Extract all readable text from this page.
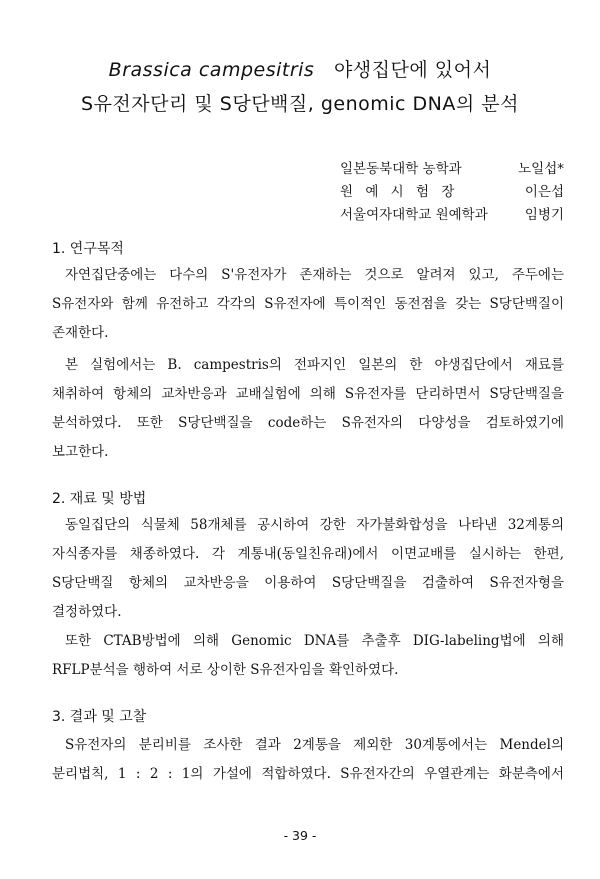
Brassica campesitris 야생집단에 있어서
S유전자단리 및 S당단백질, genomic DNA의 분석
일본동북대학 농학과	노일섭*
원 예 시 험 장	이은섭
서울여자대학교 원예학과	임병기
1. 연구목적
자연집단중에는 다수의 S'유전자가 존재하는 것으로 알려져 있고, 주두에는
S유전자와 함께 유전하고 각각의 S유전자에 특이적인 동전점을 갖는 S당단백질이
존재한다.
본 실험에서는 B. campestris의 전파지인 일본의 한 야생집단에서 재료를
채취하여 항체의 교차반응과 교배실험에 의해 S유전자를 단리하면서 S당단백질을
분석하였다. 또한 S당단백질을 code하는 S유전자의 다양성을 검토하였기에
보고한다.
2. 재료 및 방법
동일집단의 식물체 58개체를 공시하여 강한 자가불화합성을 나타낸 32계통의
자식종자를 채종하였다. 각 계통내(동일친유래)에서 이면교배를 실시하는 한편,
S당단백질 항체의 교차반응을 이용하여 S당단백질을 검출하여 S유전자형을
결정하였다.
또한 CTAB방법에 의해 Genomic DNA를 추출후 DIG-labeling법에 의해
RFLP분석을 행하여 서로 상이한 S유전자임을 확인하였다.
3. 결과 및 고찰
S유전자의 분리비를 조사한 결과 2계통을 제외한 30계통에서는 Mendel의
분리법칙, 1 : 2 : 1의 가설에 적합하였다. S유전자간의 우열관계는 화분측에서
- 39 -
